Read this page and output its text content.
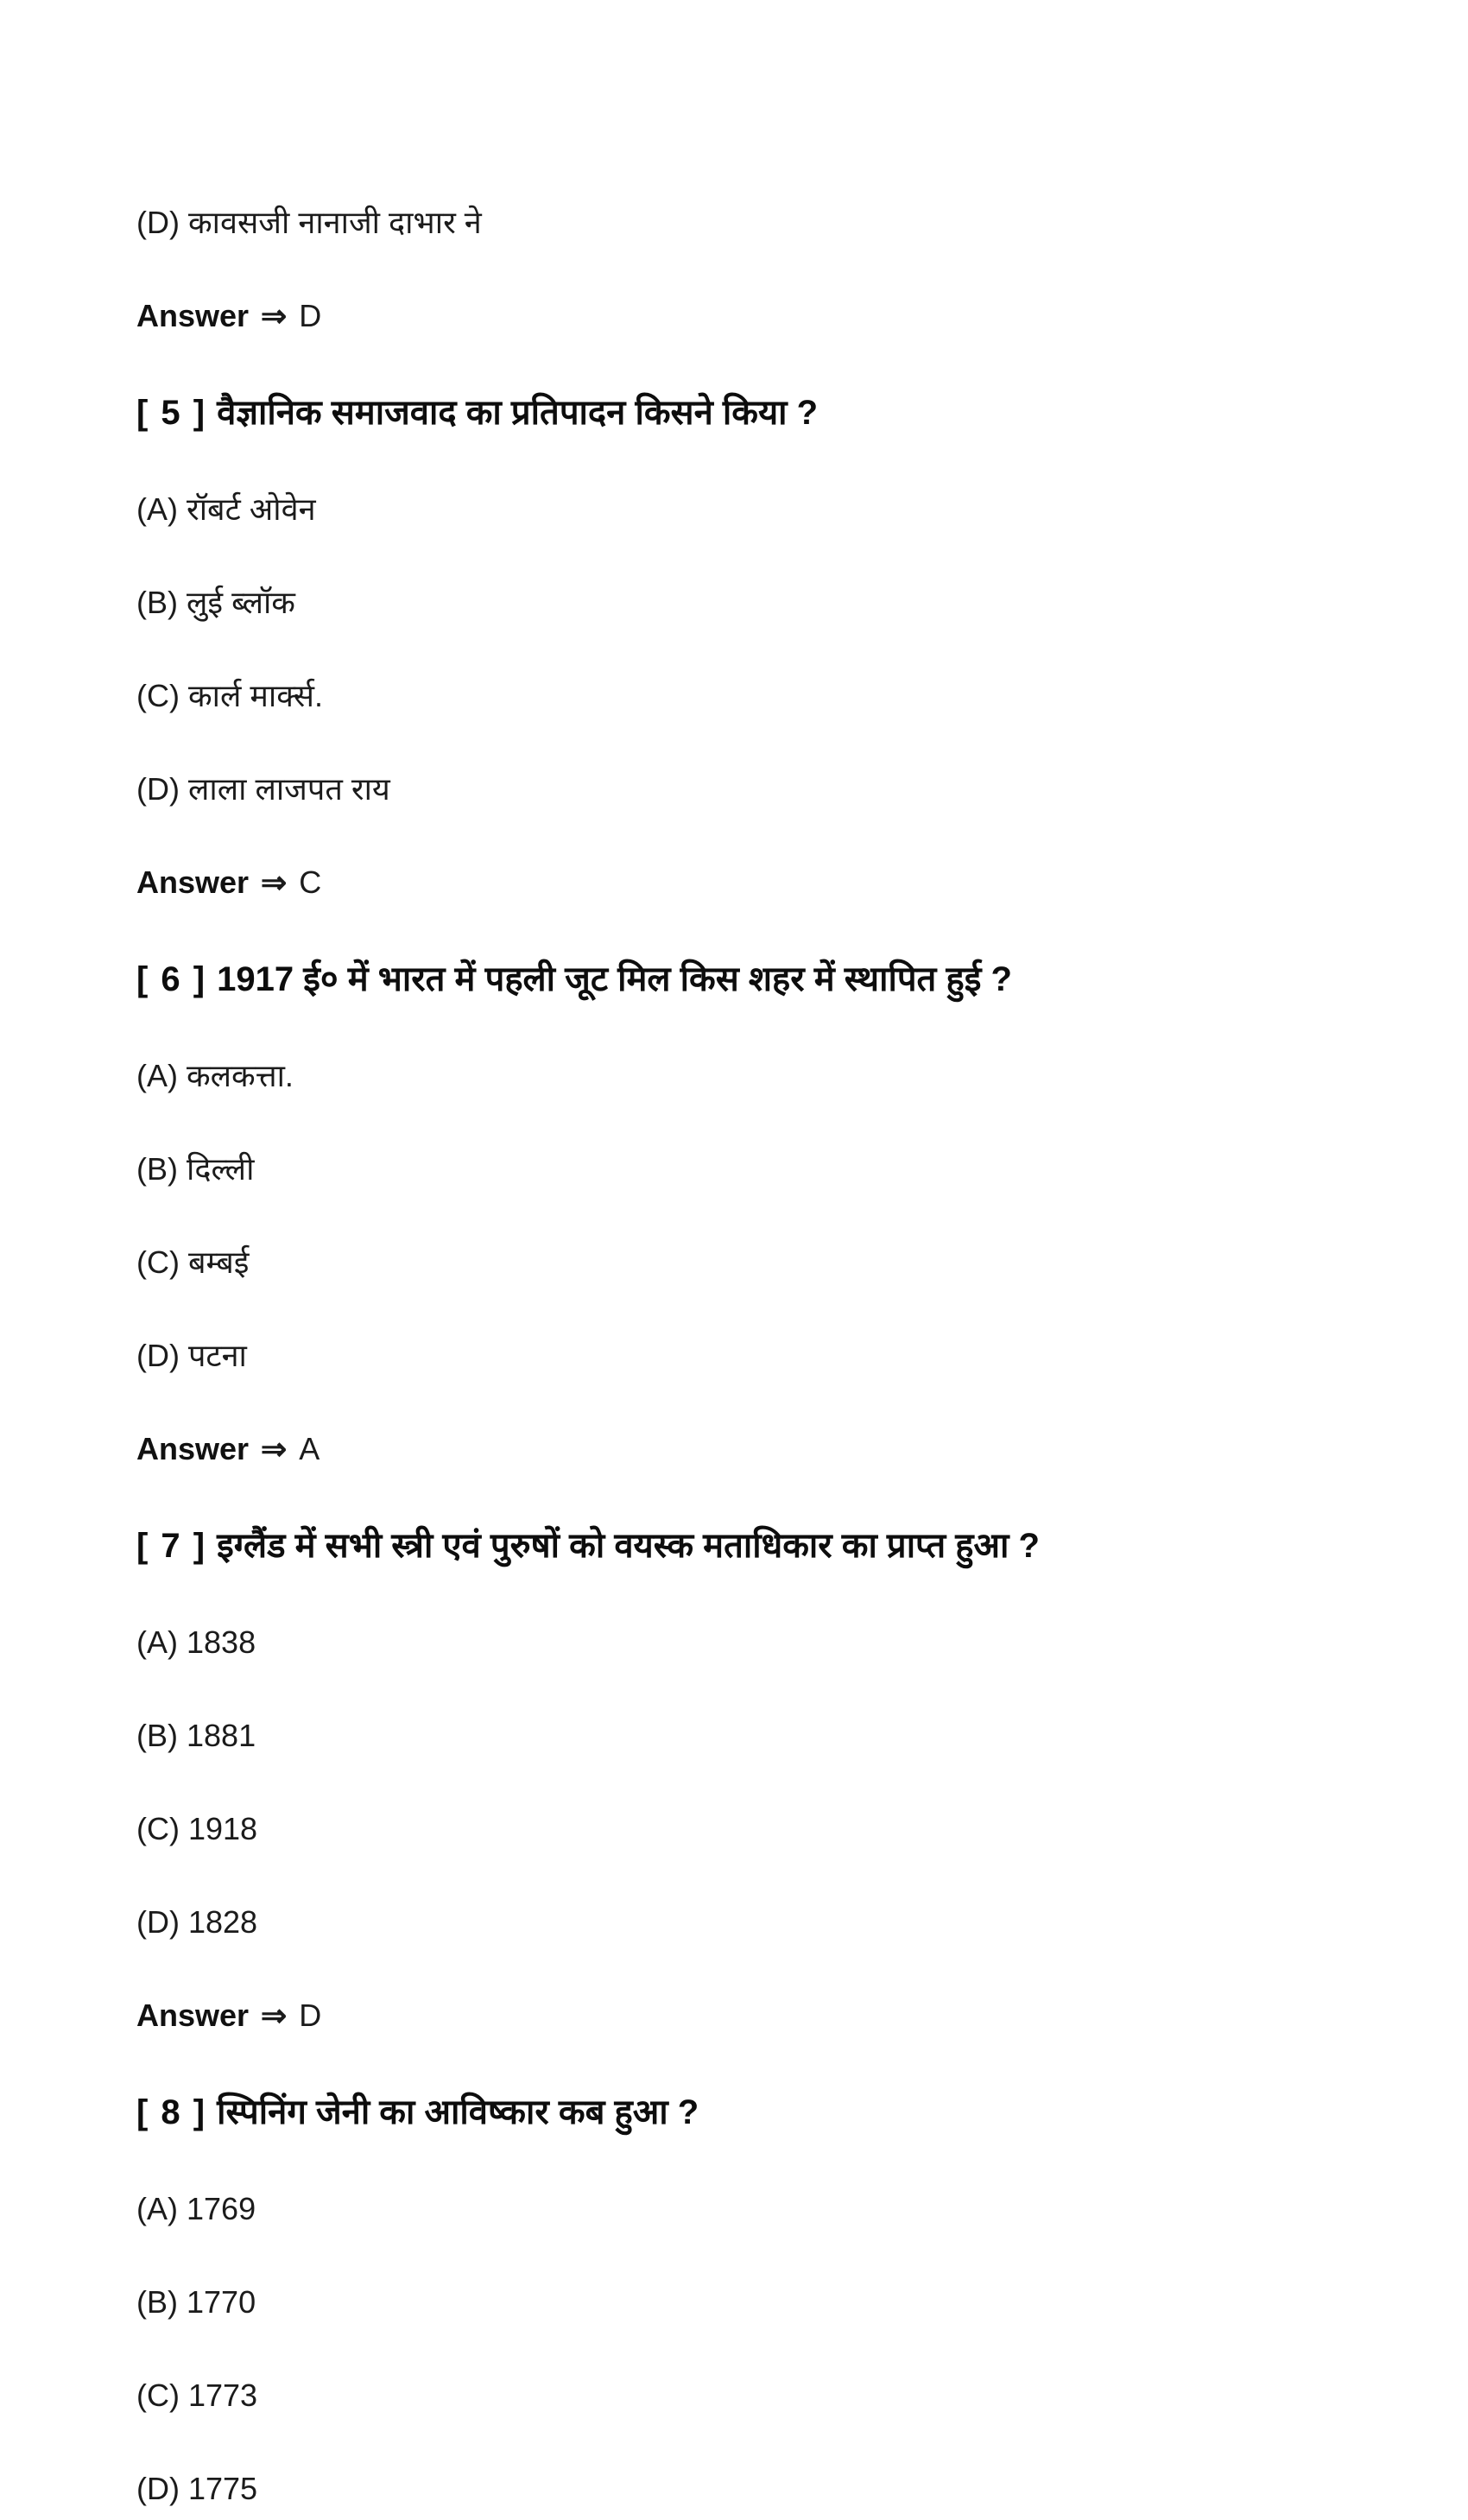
(D) कावसजी नानाजी दाभार ने

Answer ⇒ D

[ 5 ] वैज्ञानिक समाजवाद का प्रतिपादन किसने किया ?

(A) रॉबर्ट ओवेन

(B) लुई ब्लॉक

(C) कार्ल मार्क्स.

(D) लाला लाजपत राय

Answer ⇒ C

[ 6 ] 1917 ई० में भारत में पहली जूट मिल किस शहर में स्थापित हुई ?

(A) कलकत्ता.

(B) दिल्ली

(C) बम्बई

(D) पटना

Answer ⇒ A

[ 7 ] इग्लैंड में सभी स्त्री एवं पुरुषों को वयस्क मताधिकार का प्राप्त हुआ ?

(A) 1838

(B) 1881

(C) 1918

(D) 1828

Answer ⇒ D

[ 8 ] स्पिनिंग जेनी का आविष्कार कब हुआ ?

(A) 1769

(B) 1770

(C) 1773

(D) 1775
